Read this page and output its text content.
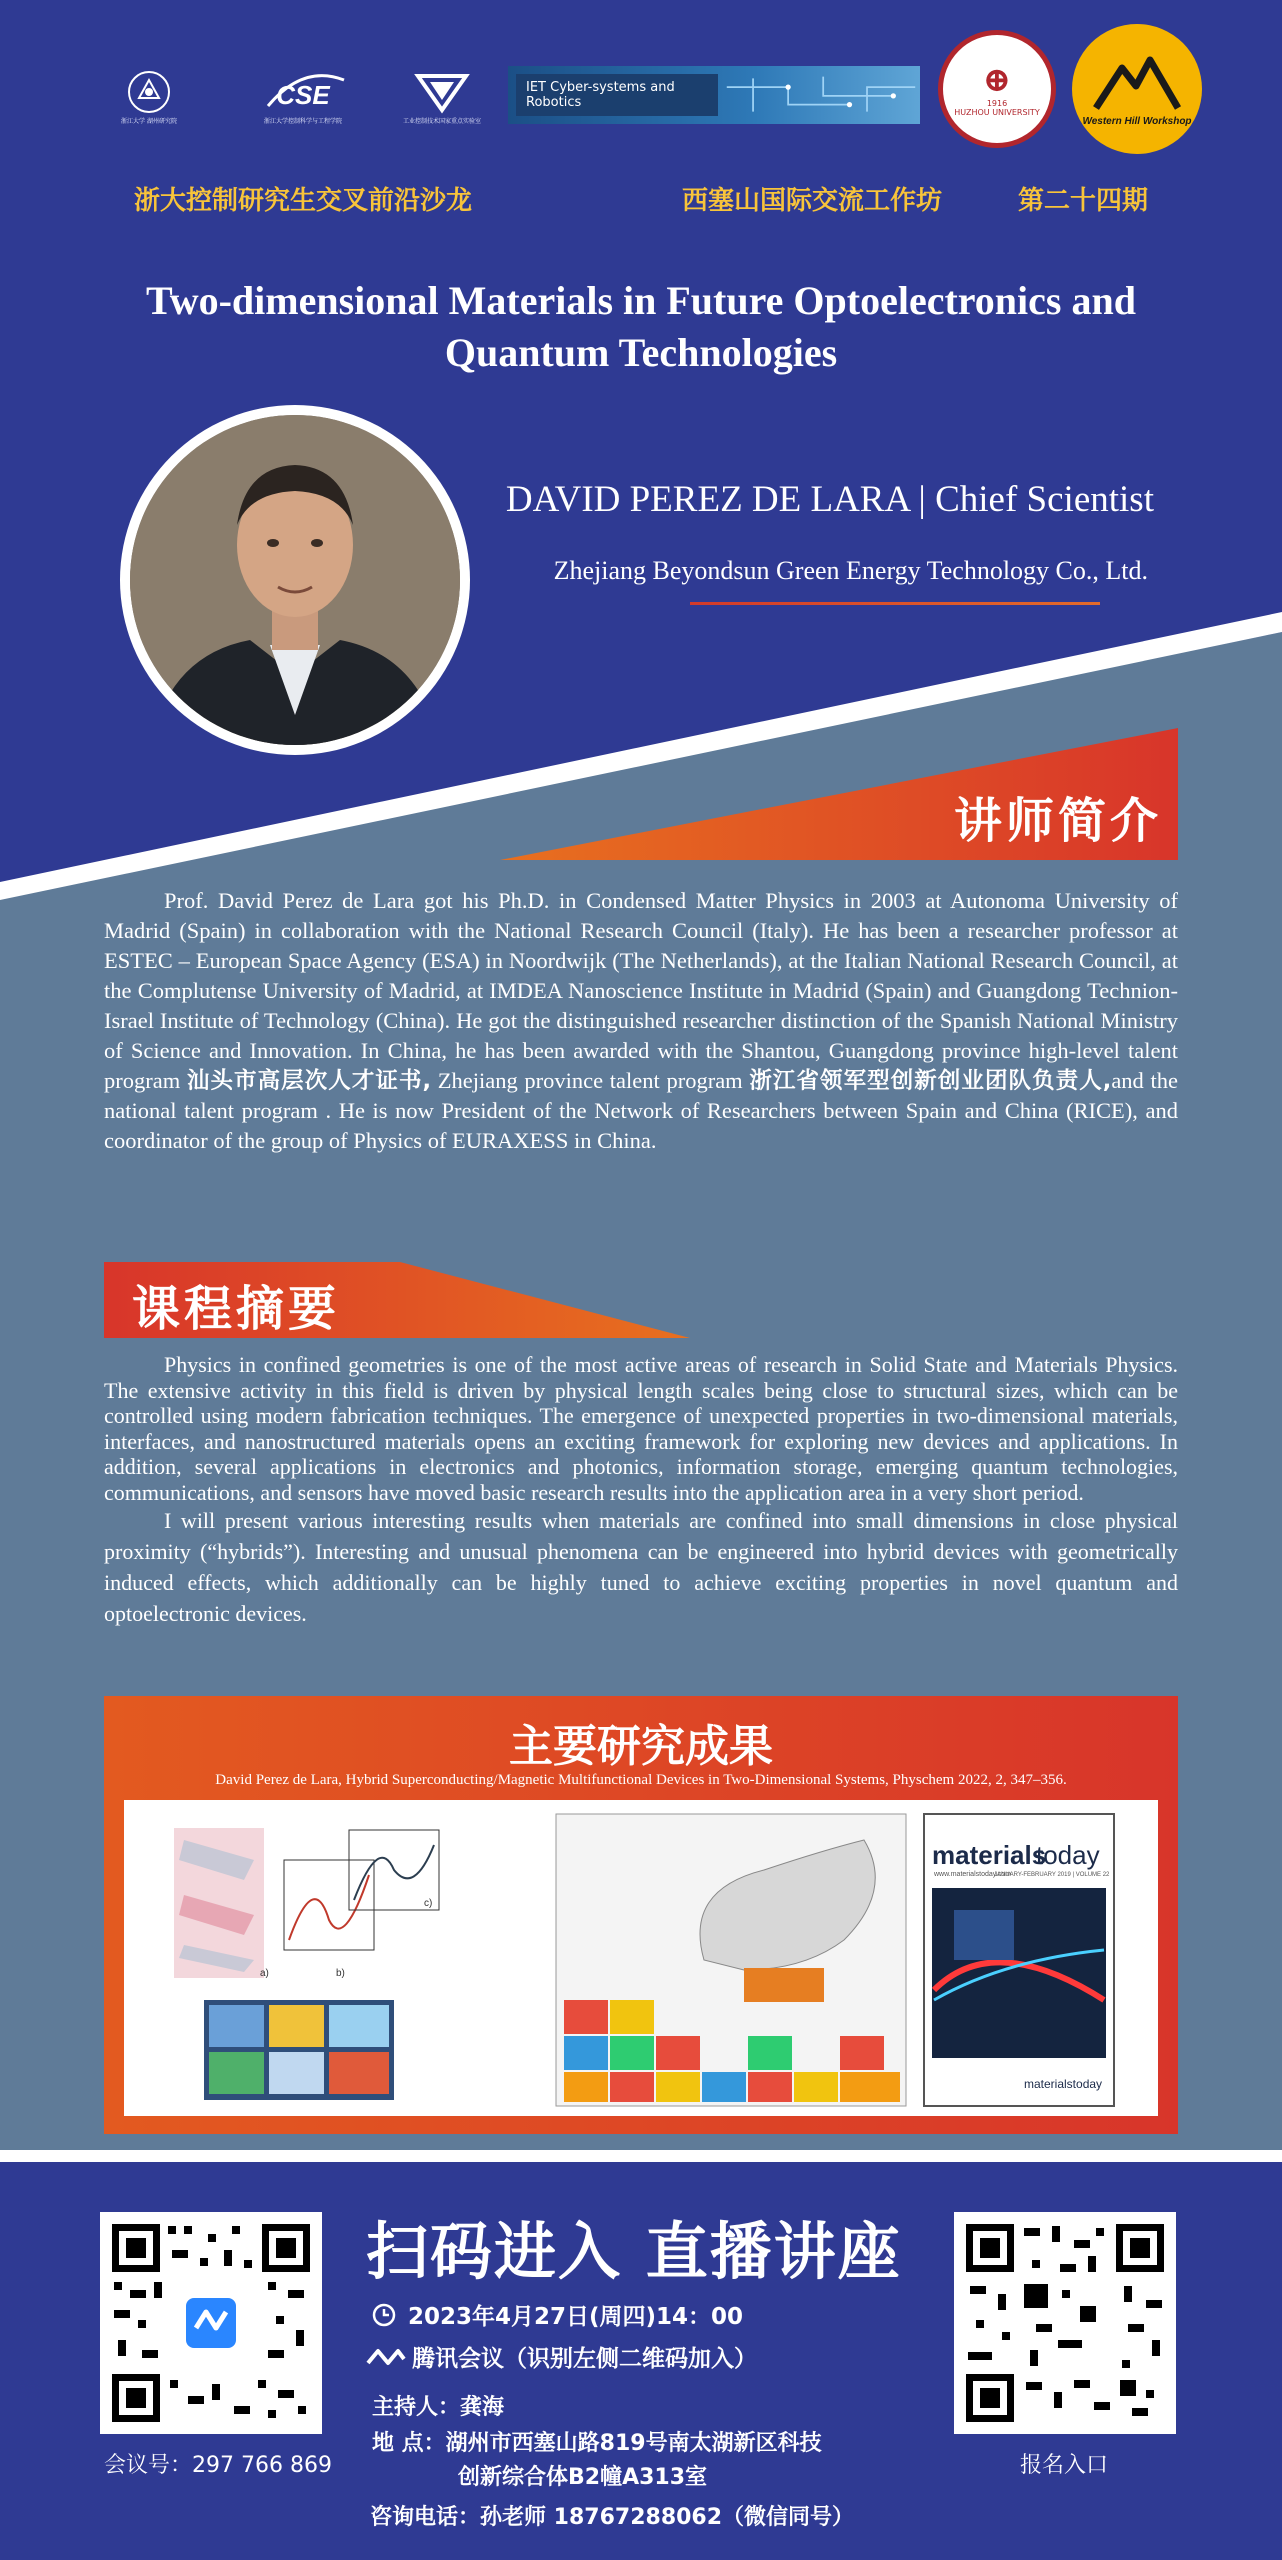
浙江大学 湖州研究院
CSE
浙江大学控制科学与工程学院	工业控制技术国家重点实验室
IET Cyber-systems and Robotics
⊕
1916
HUZHOU UNIVERSITY
Western Hill Workshop
浙大控制研究生交叉前沿沙龙	西塞山国际交流工作坊	第二十四期
Two-dimensional Materials in Future Optoelectronics and
Quantum Technologies
DAVID PEREZ DE LARA | Chief Scientist
Zhejiang Beyondsun Green Energy Technology Co., Ltd.
讲师简介

Prof. David Perez de Lara got his Ph.D. in Condensed Matter Physics in 2003 at Autonoma University of Madrid (Spain) in collaboration with the National Research Council (Italy). He has been a researcher professor at ESTEC – European Space Agency (ESA) in Noordwijk (The Netherlands), at the Italian National Research Council, at the Complutense University of Madrid, at IMDEA Nanoscience Institute in Madrid (Spain) and Guangdong Technion-Israel Institute of Technology (China). He got the distinguished researcher distinction of the Spanish National Ministry of Science and Innovation. In China, he has been awarded with the Shantou, Guangdong province high-level talent program 汕头市高层次人才证书, Zhejiang province talent program 浙江省领军型创新创业团队负责人,and the national talent program . He is now President of the Network of Researchers between Spain and China (RICE), and coordinator of the group of Physics of EURAXESS in China.

课程摘要

Physics in confined geometries is one of the most active areas of research in Solid State and Materials Physics. The extensive activity in this field is driven by physical length scales being close to structural sizes, which can be controlled using modern fabrication techniques. The emergence of unexpected properties in two-dimensional materials, interfaces, and nanostructured materials opens an exciting framework for exploring new devices and applications. In addition, several applications in electronics and photonics, information storage, emerging quantum technologies, communications, and sensors have moved basic research results into the application area in a very short period.

I will present various interesting results when materials are confined into small dimensions in close physical proximity (“hybrids”). Interesting and unusual phenomena can be engineered into hybrid devices with geometrically induced effects, which additionally can be highly tuned to achieve exciting properties in novel quantum and optoelectronic devices.

主要研究成果
David Perez de Lara, Hybrid Superconducting/Magnetic Multifunctional Devices in Two-Dimensional Systems, Physchem 2022, 2, 347–356.
a)	b)
c)
materials
today
www.materialstoday.com
JANUARY-FEBRUARY 2019 | VOLUME 22
materialstoday
会议号：297 766 869	报名入口
扫码进入 直播讲座
2023年4月27日(周四)14：00
腾讯会议（识别左侧二维码加入）
主持人：龚海
地 点：湖州市西塞山路819号南太湖新区科技
创新综合体B2幢A313室
咨询电话：孙老师 18767288062（微信同号）
